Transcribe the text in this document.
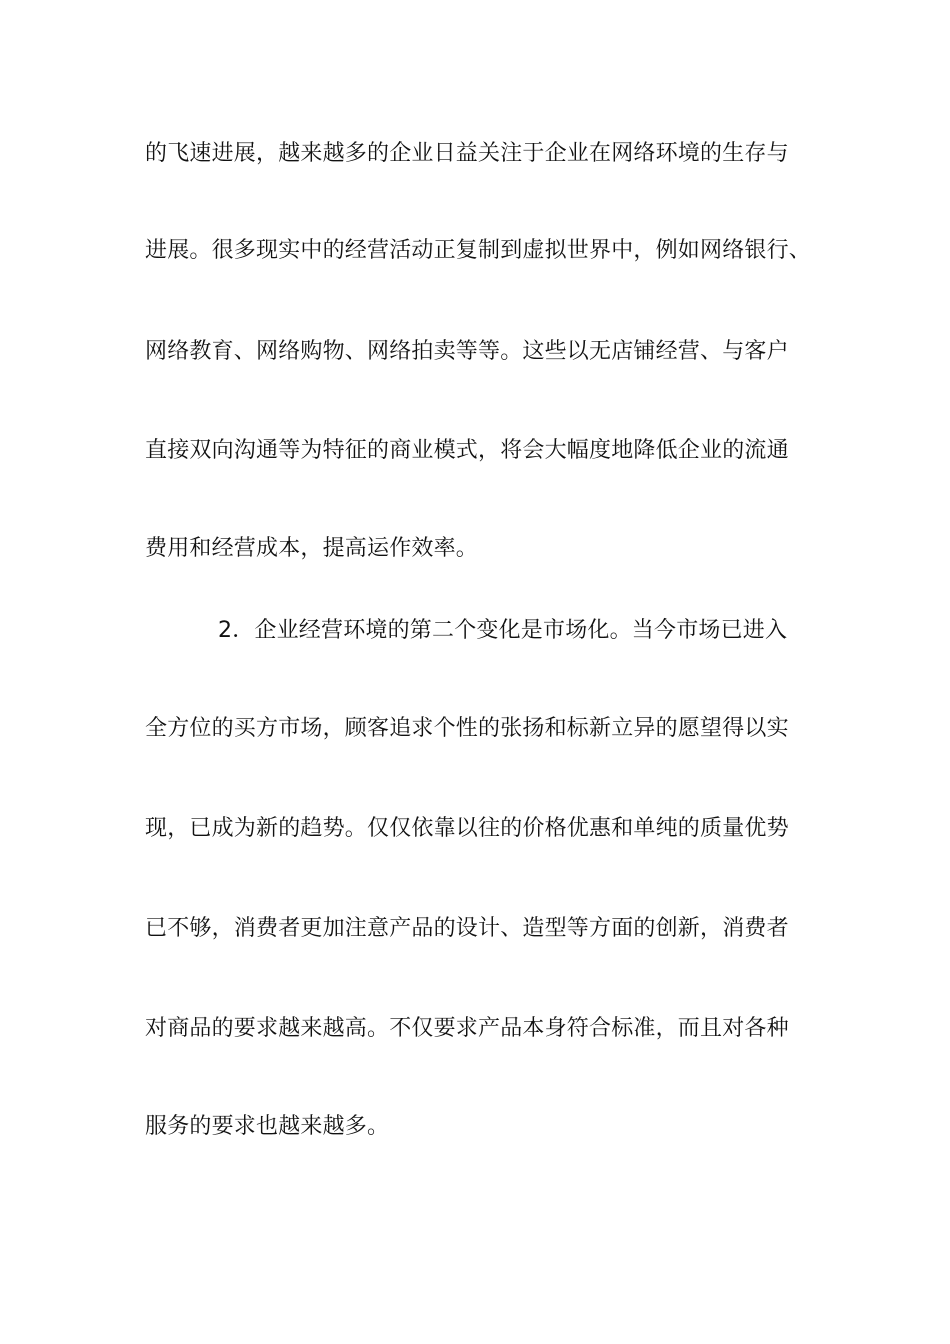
的飞速进展，越来越多的企业日益关注于企业在网络环境的生存与
进展。很多现实中的经营活动正复制到虚拟世界中，例如网络银行、
网络教育、网络购物、网络拍卖等等。这些以无店铺经营、与客户
直接双向沟通等为特征的商业模式，将会大幅度地降低企业的流通
费用和经营成本，提高运作效率。
2．企业经营环境的第二个变化是市场化。当今市场已进入
全方位的买方市场，顾客追求个性的张扬和标新立异的愿望得以实
现，已成为新的趋势。仅仅依靠以往的价格优惠和单纯的质量优势
已不够，消费者更加注意产品的设计、造型等方面的创新，消费者
对商品的要求越来越高。不仅要求产品本身符合标准，而且对各种
服务的要求也越来越多。
